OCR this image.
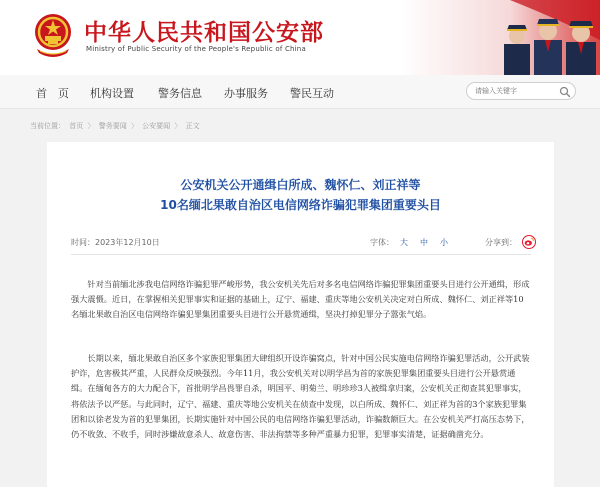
中华人民共和国公安部
Ministry of Public Security of the People's Republic of China
首　页 机构设置 警务信息 办事服务 警民互动
请输入关键字
当前位置： 首页 〉 警务要闻 〉 公安要闻 〉 正文
公安机关公开通缉白所成、魏怀仁、刘正祥等
10名缅北果敢自治区电信网络诈骗犯罪集团重要头目
时间：2023年12月10日	字体： 大 中 小	分享到：

针对当前缅北涉我电信网络诈骗犯罪严峻形势，我公安机关先后对多名电信网络诈骗犯罪集团重要头目进行公开通缉，形成强大震慑。近日，在掌握相关犯罪事实和证据的基础上，辽宁、福建、重庆等地公安机关决定对白所成、魏怀仁、刘正祥等10名缅北果敢自治区电信网络诈骗犯罪集团重要头目进行公开悬赏通缉，坚决打掉犯罪分子嚣张气焰。

长期以来，缅北果敢自治区多个家族犯罪集团大肆组织开设诈骗窝点，针对中国公民实施电信网络诈骗犯罪活动，公开武装护诈，危害极其严重，人民群众反映强烈。今年11月，我公安机关对以明学昌为首的家族犯罪集团重要头目进行公开悬赏通缉。在缅甸各方的大力配合下，首批明学昌畏罪自杀，明国平、明菊兰、明珍珍3人被缉拿归案，公安机关正彻查其犯罪事实，将依法予以严惩。与此同时，辽宁、福建、重庆等地公安机关在侦查中发现，以白所成、魏怀仁、刘正祥为首的3个家族犯罪集团和以徐老发为首的犯罪集团，长期实施针对中国公民的电信网络诈骗犯罪活动，诈骗数额巨大。在公安机关严打高压态势下，仍不收敛、不收手，同时涉嫌故意杀人、故意伤害、非法拘禁等多种严重暴力犯罪，犯罪事实清楚，证据确凿充分。
